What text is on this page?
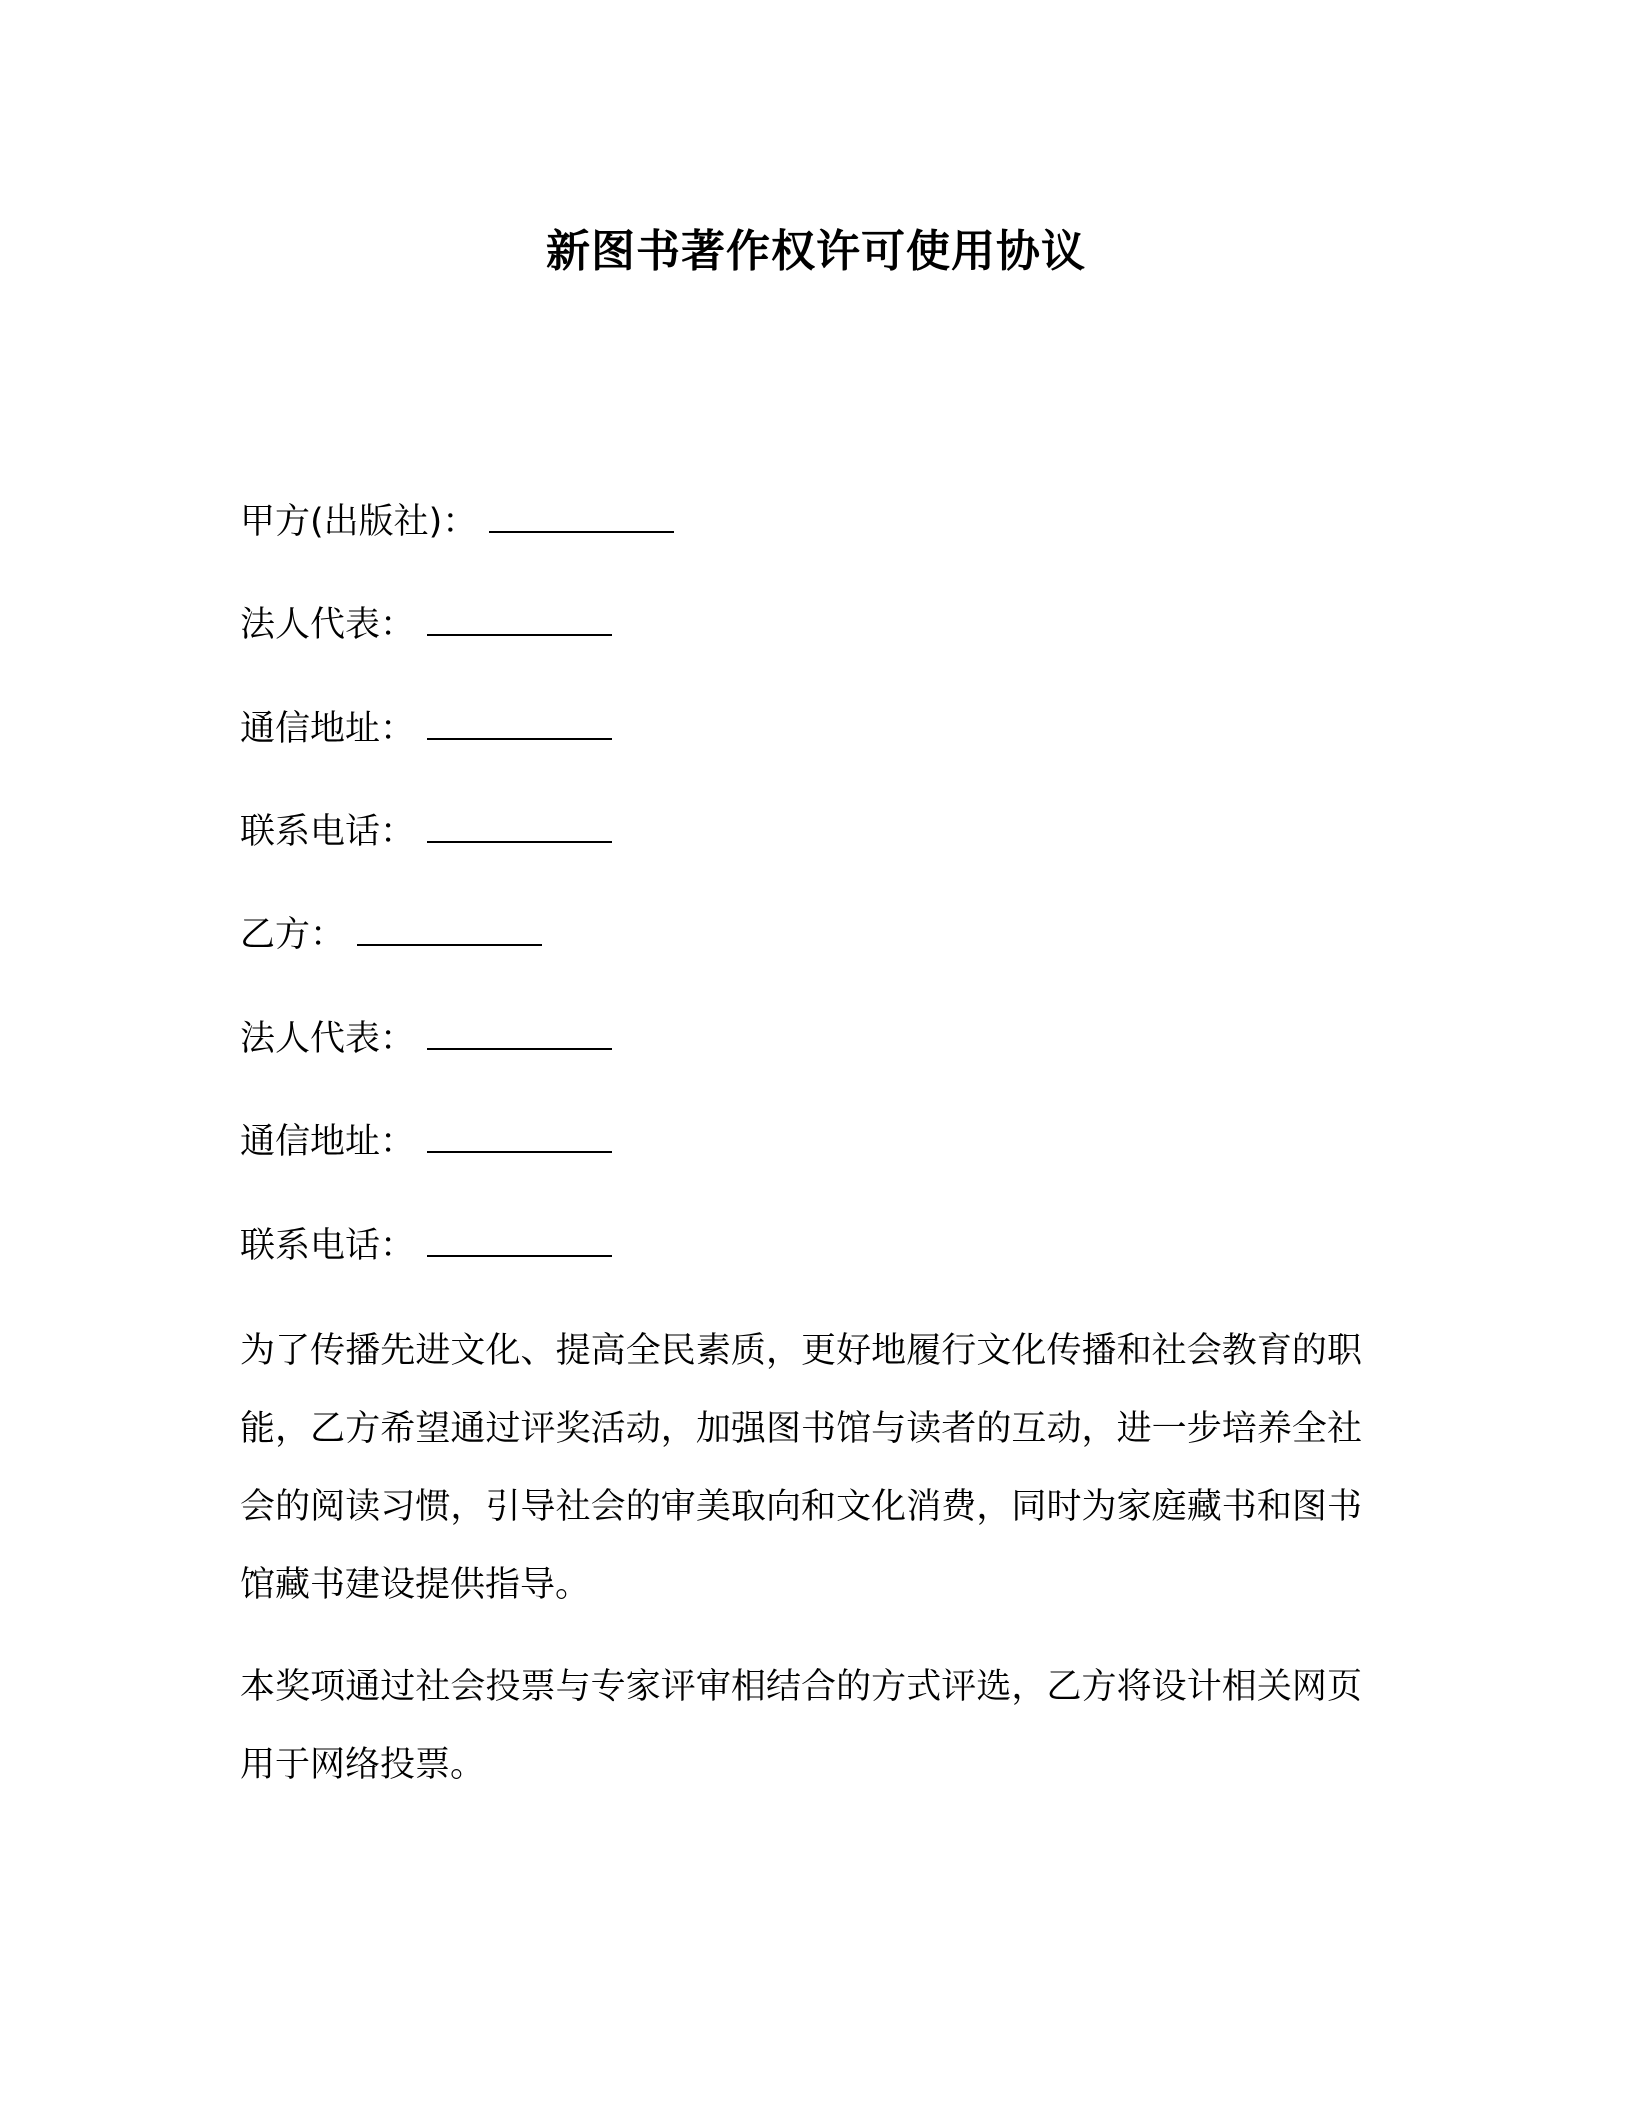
新图书著作权许可使用协议

甲方(出版社)：

法人代表：

通信地址：

联系电话：

乙方：

法人代表：

通信地址：

联系电话：

为了传播先进文化、提高全民素质，更好地履行文化传播和社会教育的职能，乙方希望通过评奖活动，加强图书馆与读者的互动，进一步培养全社会的阅读习惯，引导社会的审美取向和文化消费，同时为家庭藏书和图书馆藏书建设提供指导。

本奖项通过社会投票与专家评审相结合的方式评选，乙方将设计相关网页用于网络投票。
